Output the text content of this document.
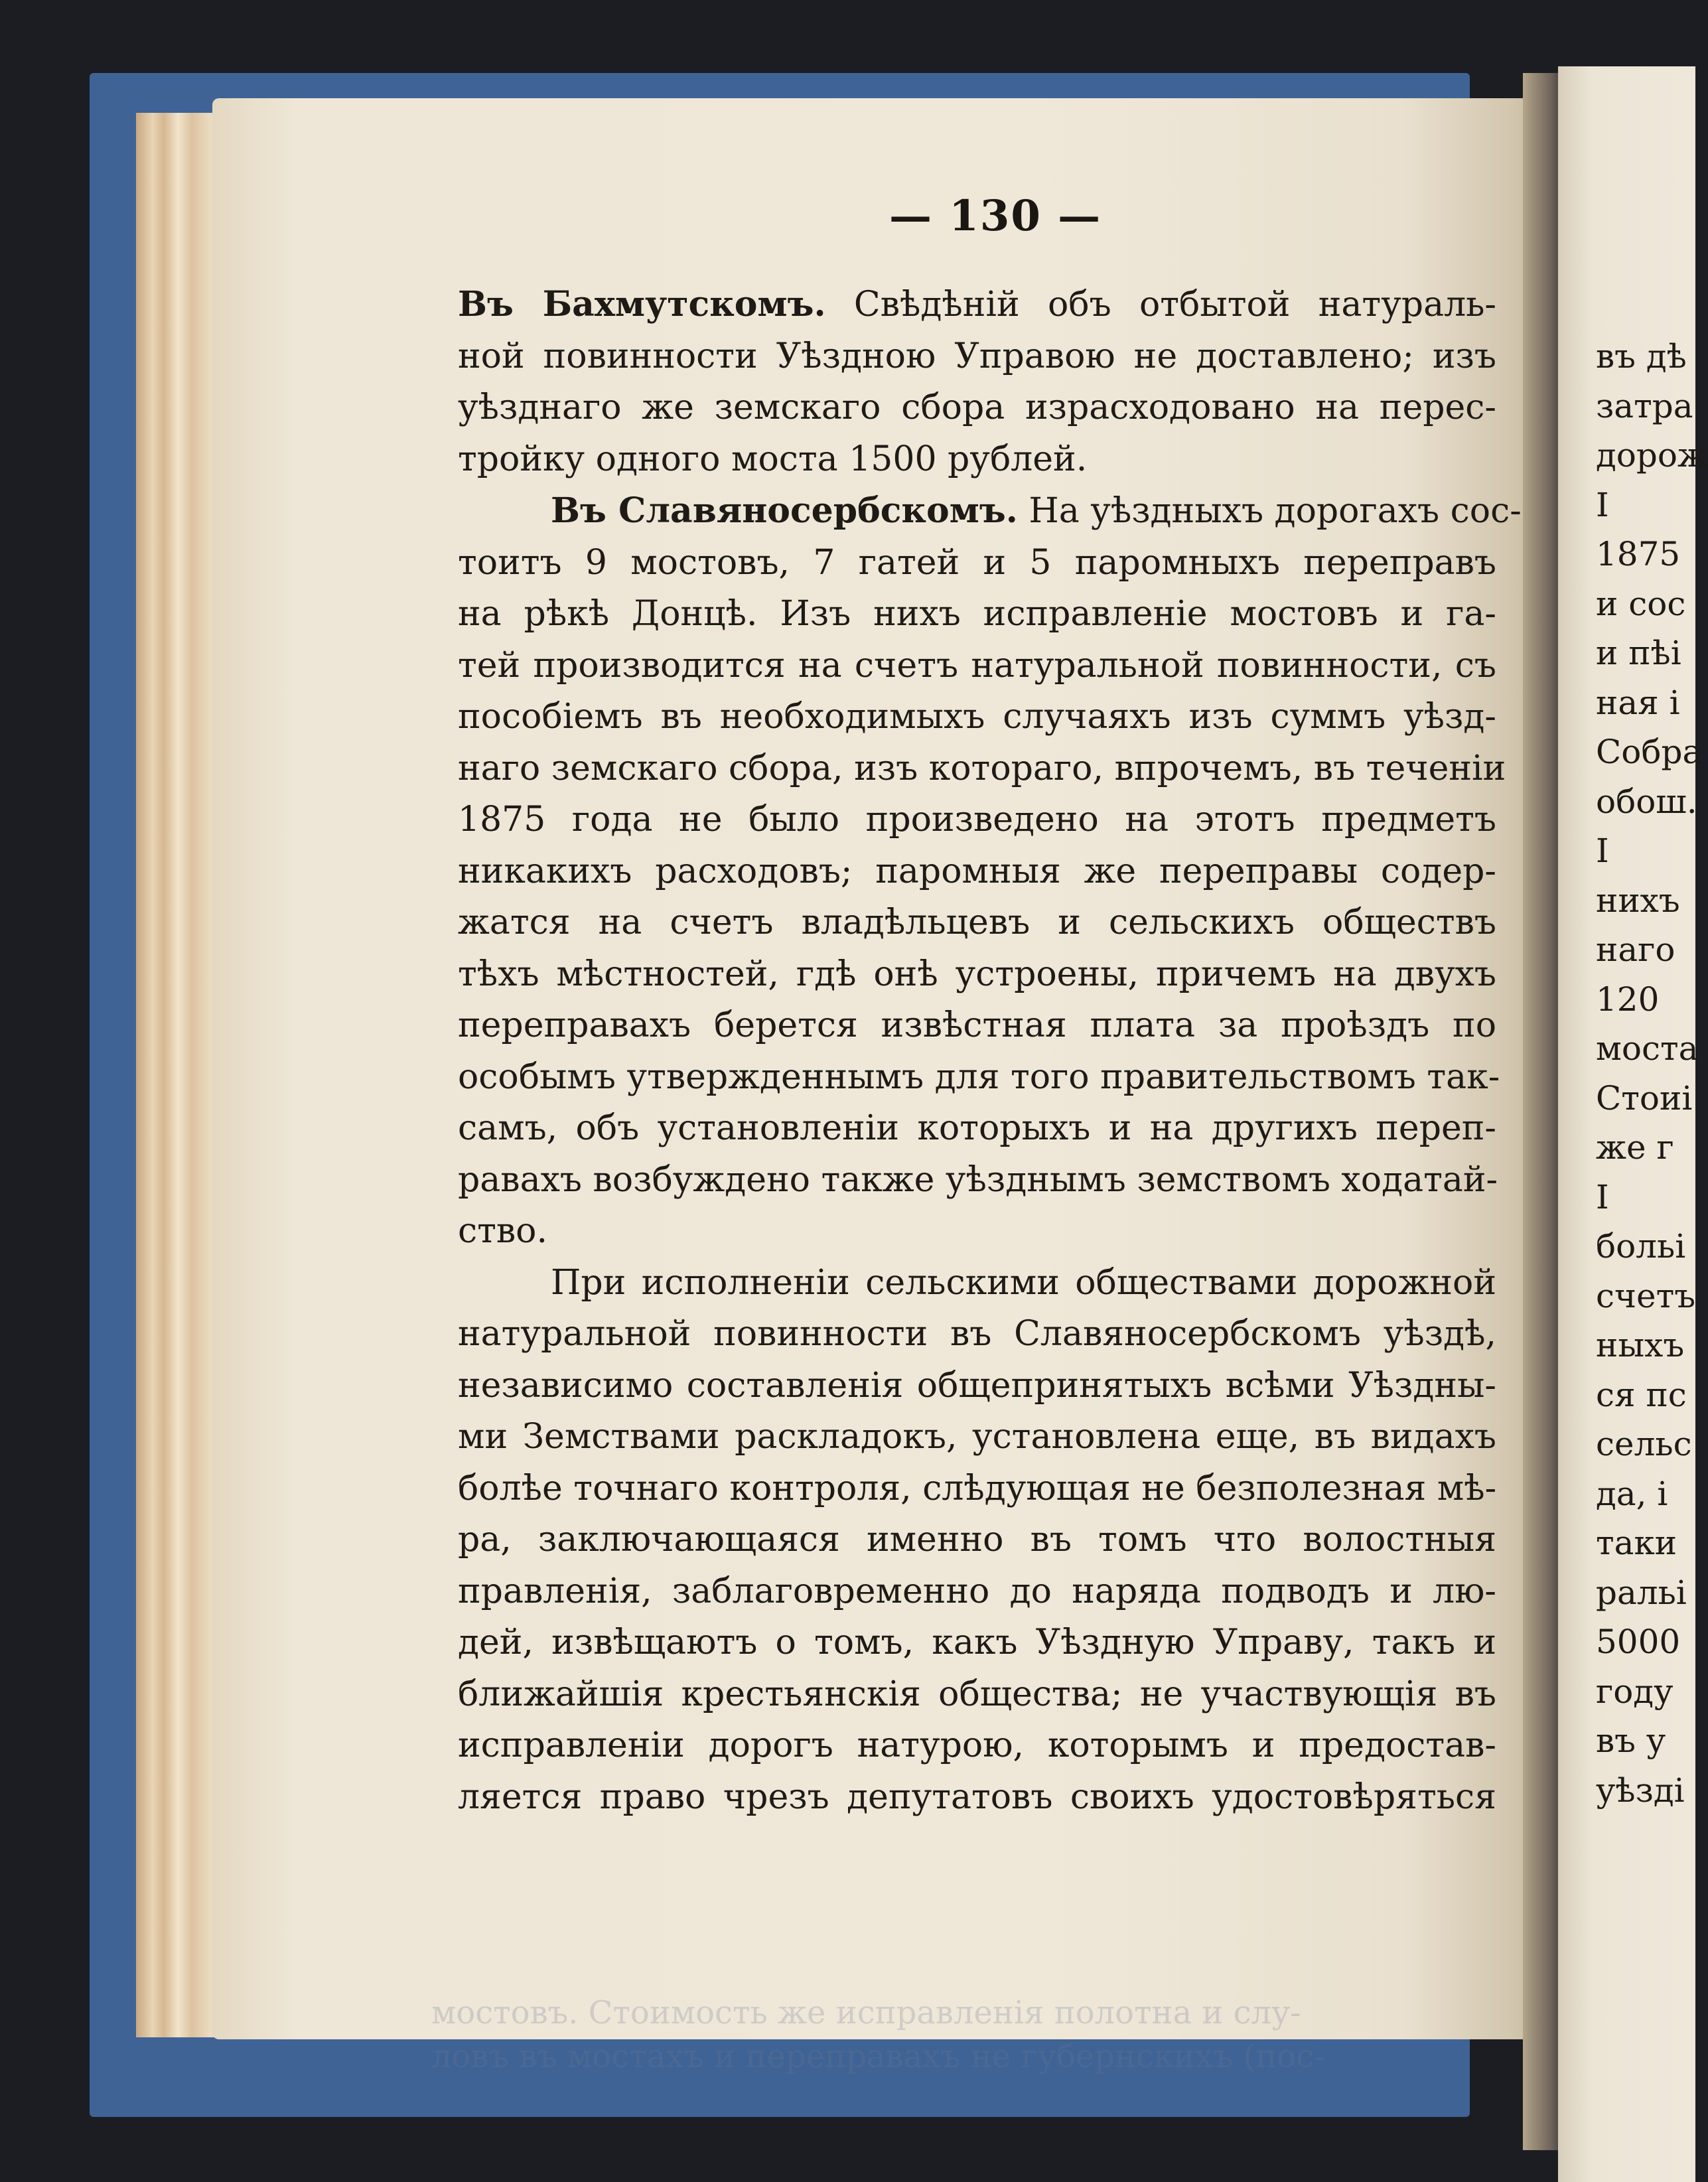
— 130 —
Въ Бахмутскомъ. Свѣдѣній объ отбытой натураль-
ной повинности Уѣздною Управою не доставлено; изъ
уѣзднаго же земскаго сбора израсходовано на перес-
тройку одного моста 1500 рублей.
Въ Славяносербскомъ. На уѣздныхъ дорогахъ сос-
тоитъ 9 мостовъ, 7 гатей и 5 паромныхъ переправъ
на рѣкѣ Донцѣ. Изъ нихъ исправленіе мостовъ и га-
тей производится на счетъ натуральной повинности, съ
пособіемъ въ необходимыхъ случаяхъ изъ суммъ уѣзд-
наго земскаго сбора, изъ котораго, впрочемъ, въ теченіи
1875 года не было произведено на этотъ предметъ
никакихъ расходовъ; паромныя же переправы содер-
жатся на счетъ владѣльцевъ и сельскихъ обществъ
тѣхъ мѣстностей, гдѣ онѣ устроены, причемъ на двухъ
переправахъ берется извѣстная плата за проѣздъ по
особымъ утвержденнымъ для того правительствомъ так-
самъ, объ установленіи которыхъ и на другихъ переп-
равахъ возбуждено также уѣзднымъ земствомъ ходатай-
ство.
При исполненіи сельскими обществами дорожной
натуральной повинности въ Славяносербскомъ уѣздѣ,
независимо составленія общепринятыхъ всѣми Уѣздны-
ми Земствами раскладокъ, установлена еще, въ видахъ
болѣе точнаго контроля, слѣдующая не безполезная мѣ-
ра, заключающаяся именно въ томъ что волостныя
правленія, заблаговременно до наряда подводъ и лю-
дей, извѣщаютъ о томъ, какъ Уѣздную Управу, такъ и
ближайшія крестьянскія общества; не участвующія въ
исправленіи дорогъ натурою, которымъ и предостав-
ляется право чрезъ депутатовъ своихъ удостовѣряться
мостовъ. Стоимость же исправленія полотна и слу-
ловъ въ мостахъ и переправахъ не губернскихъ (пос-
въ дѣ
затра
дорож
І
1875
и сос
и пѣі
ная і
Собра
обош.
І
нихъ
наго
120
моста
Стоиі
же г
І
больі
счетъ
ныхъ
ся пс
сельс
да, і
таки
ральі
5000
году
въ у
уѣзді
